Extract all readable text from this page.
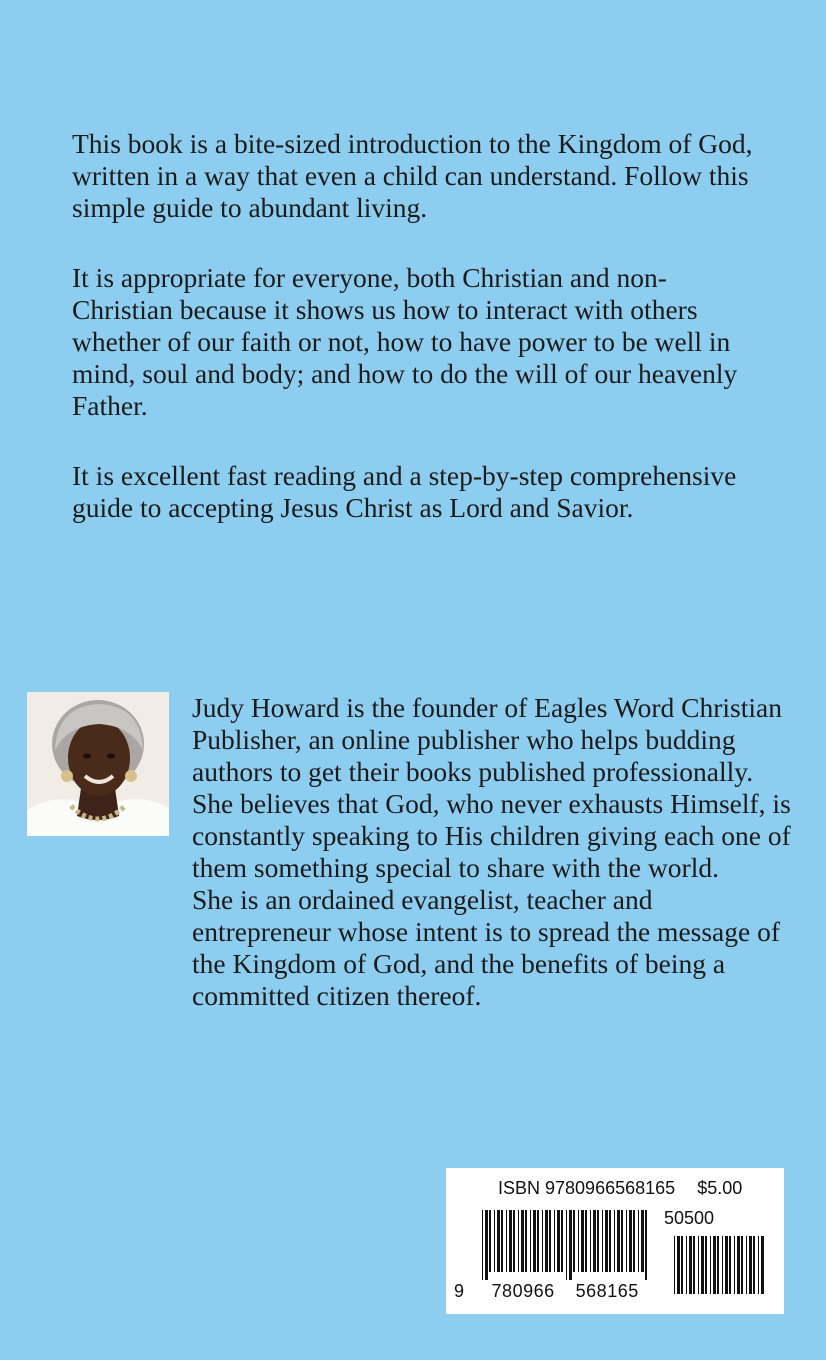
This book is a bite-sized introduction to the Kingdom of God, written in a way that even a child can understand. Follow this simple guide to abundant living.

It is appropriate for everyone, both Christian and non-Christian because it shows us how to interact with others whether of our faith or not, how to have power to be well in mind, soul and body; and how to do the will of our heavenly Father.

It is excellent fast reading and a step-by-step comprehensive guide to accepting Jesus Christ as Lord and Savior.

Judy Howard is the founder of Eagles Word Christian Publisher, an online publisher who helps budding authors to get their books published professionally.

She believes that God, who never exhausts Himself, is constantly speaking to His children giving each one of them something special to share with the world.

She is an ordained evangelist, teacher and entrepreneur whose intent is to spread the message of the Kingdom of God, and the benefits of being a committed citizen thereof.

ISBN 9780966568165 $5.00
50500
9 780966 568165
